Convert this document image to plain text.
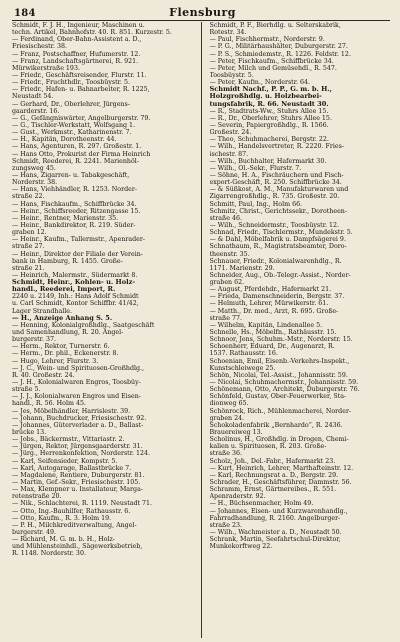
184	Flensburg
Schmidt, F. J. H., Ingenieur, Maschinen u.
techn. Artikel, Bahnhofstr. 40. R. 851. Kurzestr. 5.
— Ferdinand, Ober-Bahn-Assistent a. D.,
Friesischestr. 38.
— Franz, Postschaffner, Hufumerstr. 12.
— Franz, Landschaftsgärtnerei, R. 921.
Mürwikerstraße 193.
— Friedr., Geschäftsreisender, Flurstr. 11.
— Friedr., Fruchthdlr., Toosbüystr. 5.
— Friedr., Hafen- u. Bahnarbeiter, R. 1225,
Neustadt 54.
— Gerhard, Dr., Oberlehrer, Jürgens-
gaarderstr. 16.
— G., Gefängniswärter, Angelburgerstr. 79.
— G., Tischler-Werkstatt, Wolfsgang 1.
— Gust., Werkmstr., Katharinenstr. 7.
— H., Kapitän, Dorotheenstr. 44.
— Hans, Agenturen, R. 297. Großestr. 1.
— Hans Otto, Prokurist der Firma Heinrich
Schmidt, Reederei, R. 2241. Marienhöl-
zungsweg 45.
— Hans, Zigarren- u. Tabakgeschäft,
Norderstr. 38.
— Hans, Viehhändler, R. 1253. Norder-
straße 22.
— Hans, Fischkaufm., Schiffbrücke 34.
— Heinr., Schiffsreeder, Ritzengasse 15.
— Heinr., Rentner, Marienstr. 35.
— Heinr., Bankdirektor, R. 219. Süder-
graben 12.
— Heinr., Kaufm., Tallermstr., Apenrader-
straße 27.
— Heinr., Direktor der Filiale der Verein-
bank in Hamburg, R. 1455. Große-
straße 21.
— Heinrich, Malermstr., Südermarkt 8.
Schmidt, Heinr., Kohlen- u. Holz-
handl., Reederei, Import, R.
2240 u. 2149, Inh.: Hans Adolf Schmidt
u. Carl Schmidt, Kontor Schiffbr. 41/42,
Lager Strandhalle.
— H., Anzeige Anhang S. 5.
— Henning, Kolonialgroßhdlg., Saatgeschäft
und Samenhandlung, R. 20. Angel-
burgerstr. 37.
— Herm., Rektor, Turnerstr. 6.
— Herm., Dr. phil., Eckenerstr. 8.
— Hugo, Lehrer, Flurstr. 3.
— J. C., Wein- und Spirituosen-Großhdlg.,
R. 40. Großestr. 24.
— J. H., Kolonialwaren Engros, Toosbüy-
straße 5.
— J. J., Kolonialwaren Engros und Eisen-
handl., R. 56. Holm 45.
— Jes, Möbelhändler, Harrislestr. 39.
— Johann, Buchdrucker, Friesischestr. 92.
— Johannes, Güterverlader a. D., Ballast-
brücke 13.
— Jobs., Bäckermstr., Vittariastr. 2.
— Jürgen, Rektor, Jürgensgaarderstr. 31.
— Jürg., Herrenkonfektion, Norderstr. 124.
— Karl, Seifensieder, Kompstr. 5.
— Karl, Autogarage, Ballastbrücke 7.
— Magdalene, Rentiere, Duburgerstr. 81.
— Martin, Gef.-Sekr., Friesischestr. 105.
— Max, Klempner u. Installateur, Marga-
retenstraße 20.
— Nik., Schlachterei, R. 1119. Neustadt 71.
— Otto, Ing.-Bauhilfer, Rathausstr. 6.
— Otto, Kaufm., R. 3. Holm 19.
— P. H., Milchkreditverwaltung, Angel-
burgerstr. 49.
— Richard, M. G. m. b. H., Holz-
und Mühlensteinhdl., Sägewerksbetrieb,
R. 1148. Norderstr. 30.
Schmidt, P. F., Bierhdlg. u. Selterskabrik,
Rotestr. 34.
— Paul, Fischhermstr., Norderstr. 9.
— P. G., Militärhaushälter, Duburgerstr. 27.
— P. S., Schmiedemstr., R. 1226. Feldstr. 12.
— Peter, Fischkaufm., Schiffbrücke 34.
— Peter, Milch und Gemüsehdl., R. 547.
Toosbüystr. 5.
— Peter, Kaufm., Norderstr. 64.
Schmidt Nachf., P. P., G. m. b. H.,
Holzgroßhdlg. u. Holzbearbei-
tungsfabrik, R. 66. Neustadt 30.
— R., Stadtrats-Ww., Stuhrs Allee 15.
— R., Dr., Oberlehrer, Stuhrs Allee 15.
— Severin, Papiergroßhdlg., R. 1566.
Großestr. 24.
— Theo, Schuhmacherei, Bergstr. 22.
— Wilh., Handelsvertreter, R. 2220. Fries-
ischestr. 87.
— Wilh., Buchhalter, Hafermarkt 30.
— Wilh., Ol.-Sekr., Flurstr. 7.
— Söhne, H. A., Fischräuchern und Fisch-
export-Geschäft, R. 250. Schiffbrücke 34.
— & Süßkost, A. M., Manufakturwaren und
Zigarrengroßhdlg., R. 735. Großestr. 20.
Schmitt, Paul, Ing., Holm 66.
Schmitz, Christ., Gerichtssekr., Dorotheen-
straße 46.
— Wilh., Schneidermstr., Toosbüystr. 12.
Schnad, Friedr., Tischlermstr., Mundekstr. 5.
— & Dahl, Möbelfabrik u. Dampfsägerei 9.
Schnathaum, R., Magistratsbeamter, Doro-
theenstr. 35.
Schnauer, Friedr., Kolonialwarenhdlg., R.
1171. Marienstr. 29.
Schneider, Aug., Ob.-Telegr.-Assist., Norder-
graben 62.
— August, Pferdehdr., Hafermarkt 21.
— Frieda, Damenschneiderin, Bergstr. 37.
— Helmuth, Lehrer, Mürwikerstr. 61.
— Matth., Dr. med., Arzt, R. 695. Große-
straße 77.
— Wilhelm, Kapitän, Lindenallee 5.
Schnelle, Hs., Möbelfn., Rathäusstr. 15.
Schnoor, Jens, Schuhm.-Mstr., Norderstr. 15.
Schoenherr, Eduard, Dr., Augenarzt, R.
1537. Rathausstr. 16.
Schoenian, Emil, Eisenb.-Verkehrs-Inspekt.,
Kunstschleiwege 25.
Schön, Nicolai, Tel.-Assist., Johannisstr. 59.
— Nicolai, Schuhmachermstr., Johannisstr. 59.
Schönemann, Otto, Architekt, Duburgerstr. 76.
Schönfeld, Gustav, Ober-Feuerwerker, Sta-
dionweg 65.
Schönrock, Rich., Mühlenmacherei, Norder-
graben 24.
Schokoladenfabrik „Bernhardo“, R. 2436.
Brauereiweg 13.
Scholinus, H., Großhdlg. in Drogen, Chemi-
kalien u. Spirituosen, R. 203. Große-
straße 36.
Scholz, Joh., Del.-Fabr., Hafermarkt 23.
— Kurt, Heinrich, Lehrer, Marthafteinstr. 12.
— Karl, Rechnungsrat a. D., Bergstr. 29.
Schrader, H., Geschäftsführer, Dammstr. 56.
Schramm, Ernst, Gärtnereibes., R. 551.
Apenraderstr. 92.
— H., Büchsenmacher, Holm 49.
— Johannes, Eisen- und Kurzwarenhandlg.,
Fahrradhandlung, R. 2160. Angelburger-
straße 23.
— Wilh., Wachmeister a. D., Neustadt 50.
Schrank, Martin, Seefahrtschul-Direktor,
Munkekorftweg 22.
